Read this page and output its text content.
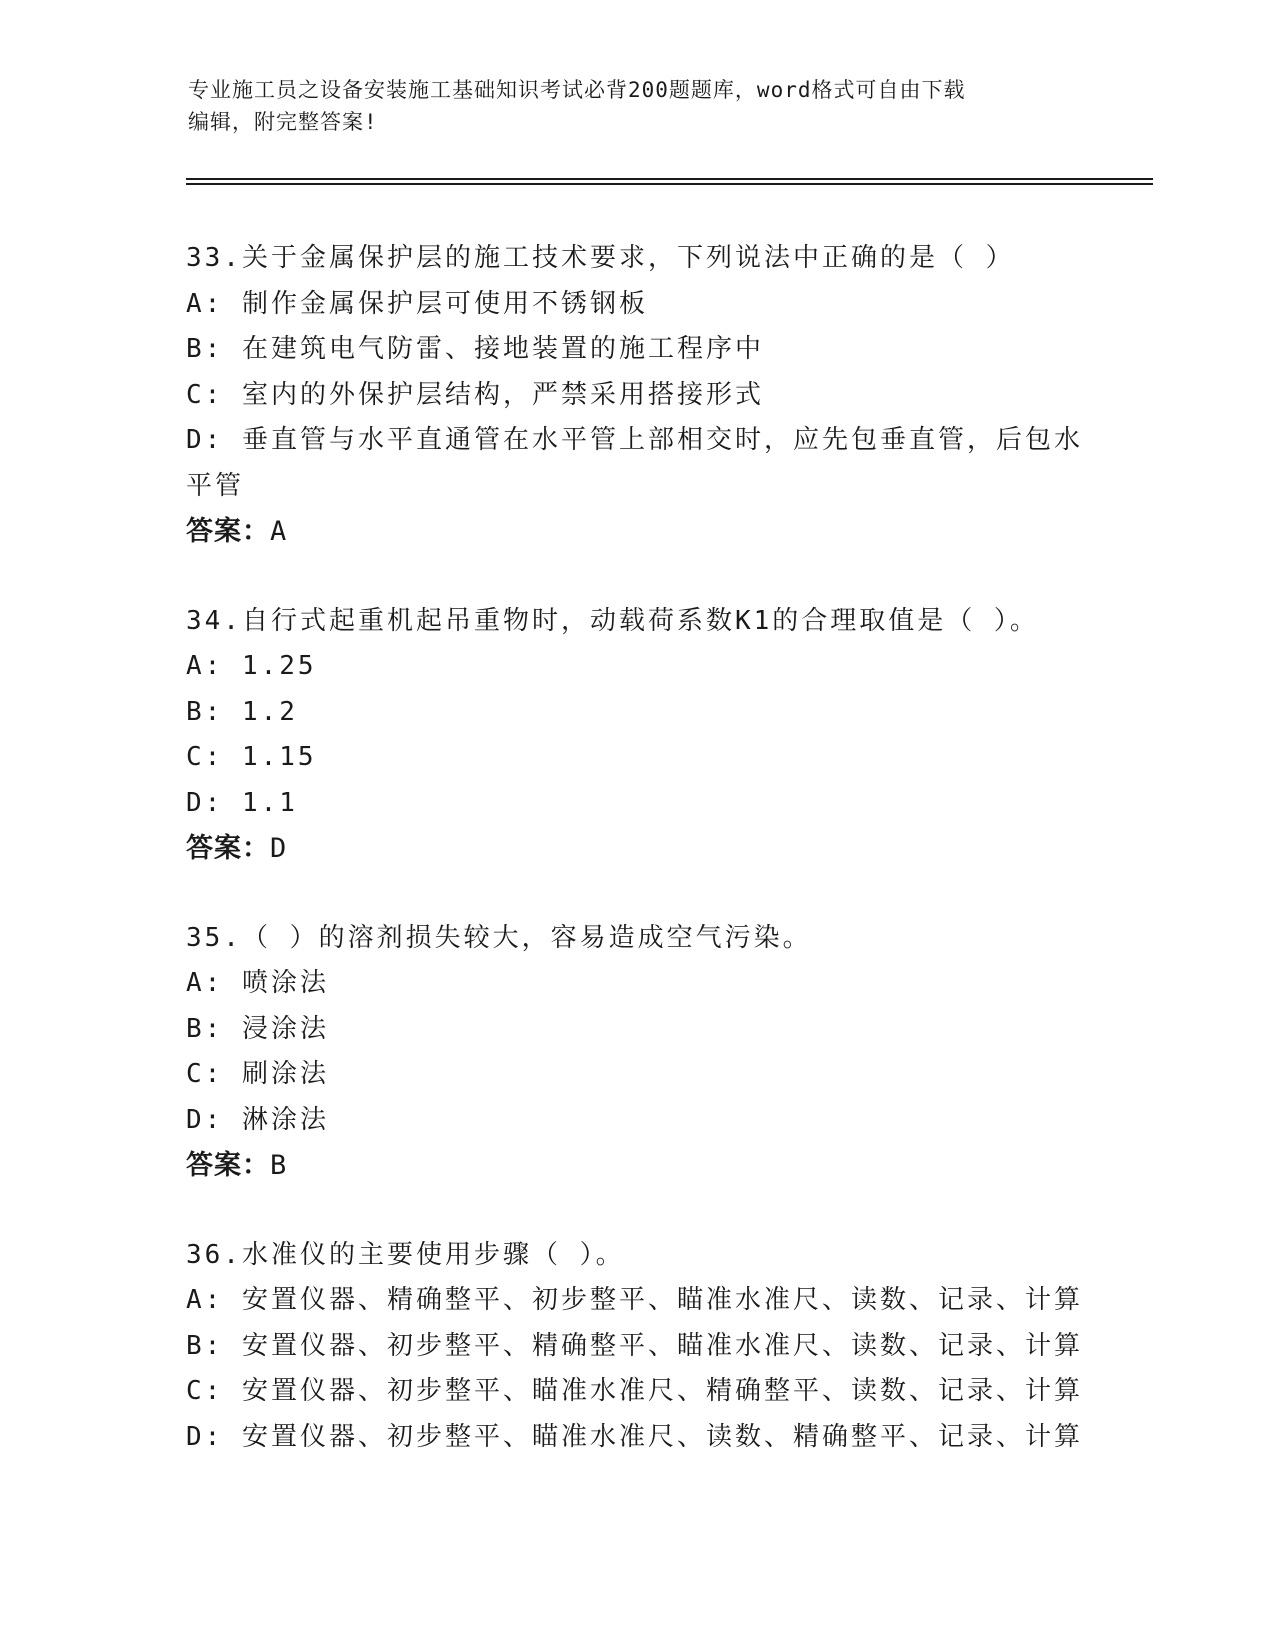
专业施工员之设备安装施工基础知识考试必背200题题库，word格式可自由下载
编辑，附完整答案!
33.关于金属保护层的施工技术要求，下列说法中正确的是（ ）
A: 制作金属保护层可使用不锈钢板
B: 在建筑电气防雷、接地装置的施工程序中
C: 室内的外保护层结构，严禁采用搭接形式
D: 垂直管与水平直通管在水平管上部相交时，应先包垂直管，后包水平管
答案：A
34.自行式起重机起吊重物时，动载荷系数K1的合理取值是（ ）。
A: 1.25
B: 1.2
C: 1.15
D: 1.1
答案：D
35.（ ）的溶剂损失较大，容易造成空气污染。
A: 喷涂法
B: 浸涂法
C: 刷涂法
D: 淋涂法
答案：B
36.水准仪的主要使用步骤（ ）。
A: 安置仪器、精确整平、初步整平、瞄准水准尺、读数、记录、计算
B: 安置仪器、初步整平、精确整平、瞄准水准尺、读数、记录、计算
C: 安置仪器、初步整平、瞄准水准尺、精确整平、读数、记录、计算
D: 安置仪器、初步整平、瞄准水准尺、读数、精确整平、记录、计算
